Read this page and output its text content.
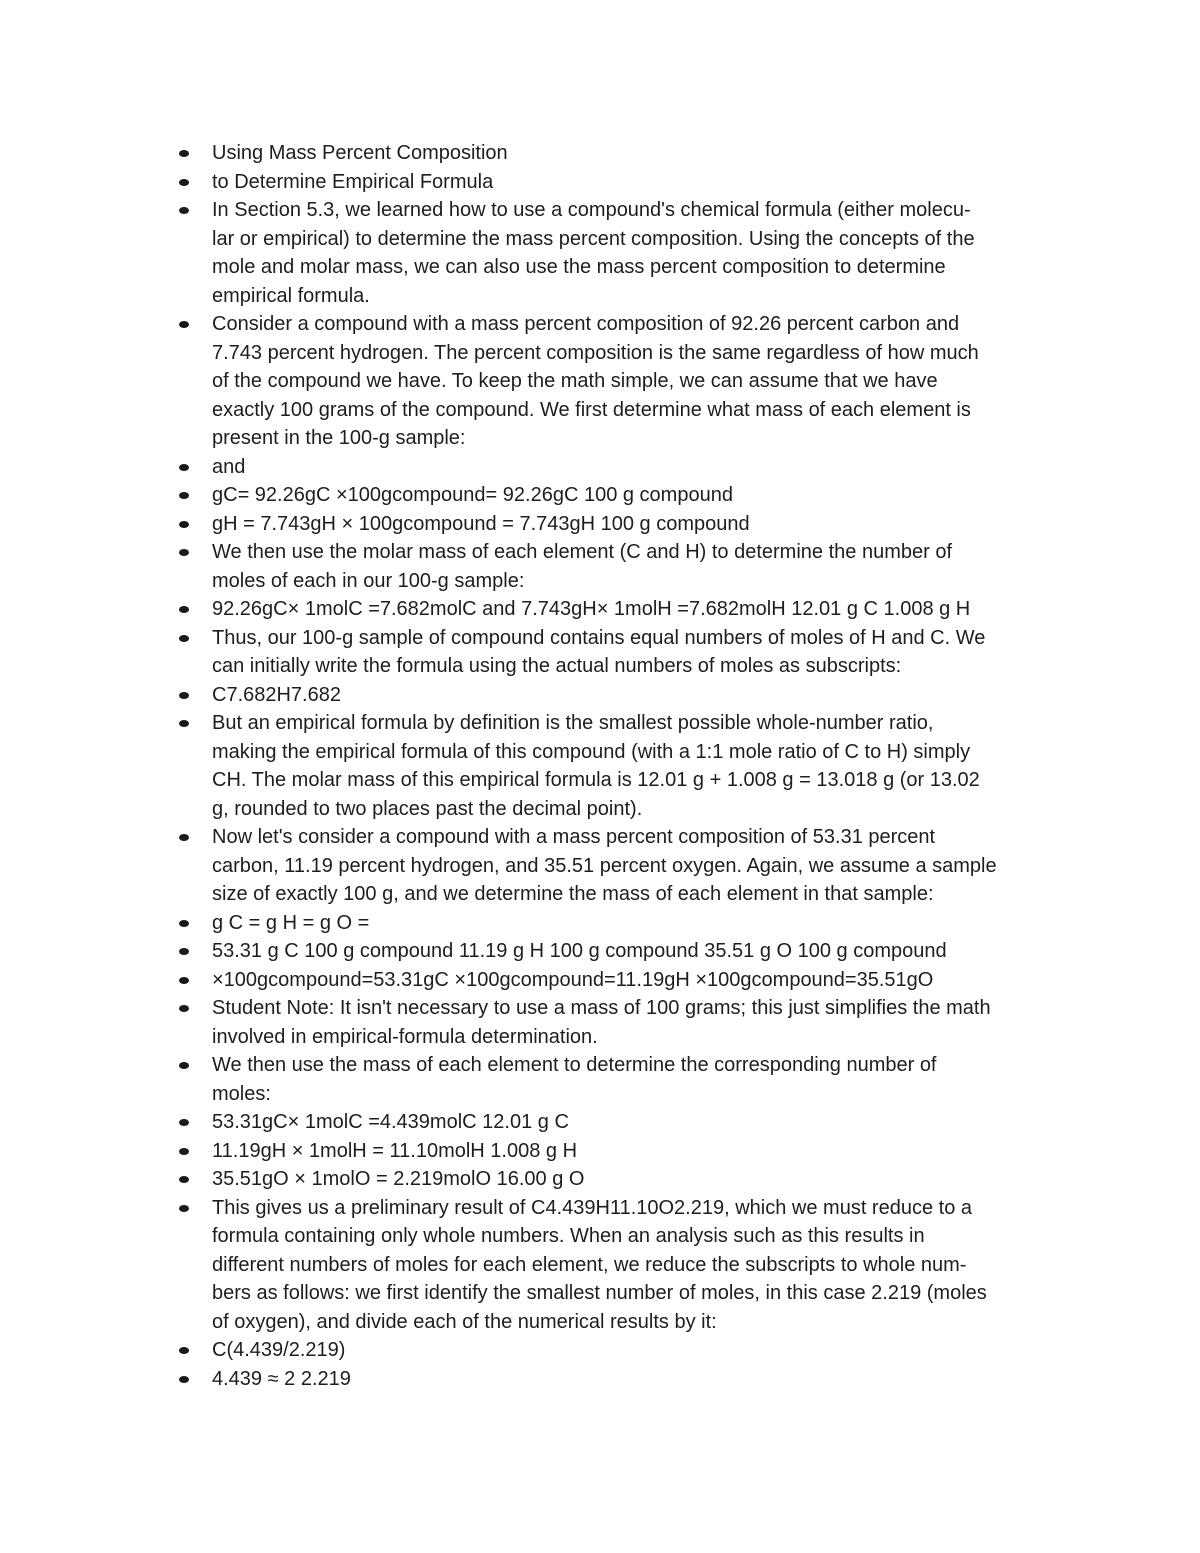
Using Mass Percent Composition
to Determine Empirical Formula
In Section 5.3, we learned how to use a compound's chemical formula (either molecu-
lar or empirical) to determine the mass percent composition. Using the concepts of the
mole and molar mass, we can also use the mass percent composition to determine
empirical formula.
Consider a compound with a mass percent composition of 92.26 percent carbon and
7.743 percent hydrogen. The percent composition is the same regardless of how much
of the compound we have. To keep the math simple, we can assume that we have
exactly 100 grams of the compound. We first determine what mass of each element is
present in the 100-g sample:
and
gC= 92.26gC ×100gcompound= 92.26gC 100 g compound
gH = 7.743gH × 100gcompound = 7.743gH 100 g compound
We then use the molar mass of each element (C and H) to determine the number of
moles of each in our 100-g sample:
92.26gC× 1molC =7.682molC and 7.743gH× 1molH =7.682molH 12.01 g C 1.008 g H
Thus, our 100-g sample of compound contains equal numbers of moles of H and C. We
can initially write the formula using the actual numbers of moles as subscripts:
C7.682H7.682
But an empirical formula by definition is the smallest possible whole-number ratio,
making the empirical formula of this compound (with a 1:1 mole ratio of C to H) simply
CH. The molar mass of this empirical formula is 12.01 g + 1.008 g = 13.018 g (or 13.02
g, rounded to two places past the decimal point).
Now let's consider a compound with a mass percent composition of 53.31 percent
carbon, 11.19 percent hydrogen, and 35.51 percent oxygen. Again, we assume a sample
size of exactly 100 g, and we determine the mass of each element in that sample:
g C = g H = g O =
53.31 g C 100 g compound 11.19 g H 100 g compound 35.51 g O 100 g compound
×100gcompound=53.31gC ×100gcompound=11.19gH ×100gcompound=35.51gO
Student Note: It isn't necessary to use a mass of 100 grams; this just simplifies the math
involved in empirical-formula determination.
We then use the mass of each element to determine the corresponding number of
moles:
53.31gC× 1molC =4.439molC 12.01 g C
11.19gH × 1molH = 11.10molH 1.008 g H
35.51gO × 1molO = 2.219molO 16.00 g O
This gives us a preliminary result of C4.439H11.10O2.219, which we must reduce to a
formula containing only whole numbers. When an analysis such as this results in
different numbers of moles for each element, we reduce the subscripts to whole num-
bers as follows: we first identify the smallest number of moles, in this case 2.219 (moles
of oxygen), and divide each of the numerical results by it:
C(4.439/2.219)
4.439 ≈ 2 2.219
